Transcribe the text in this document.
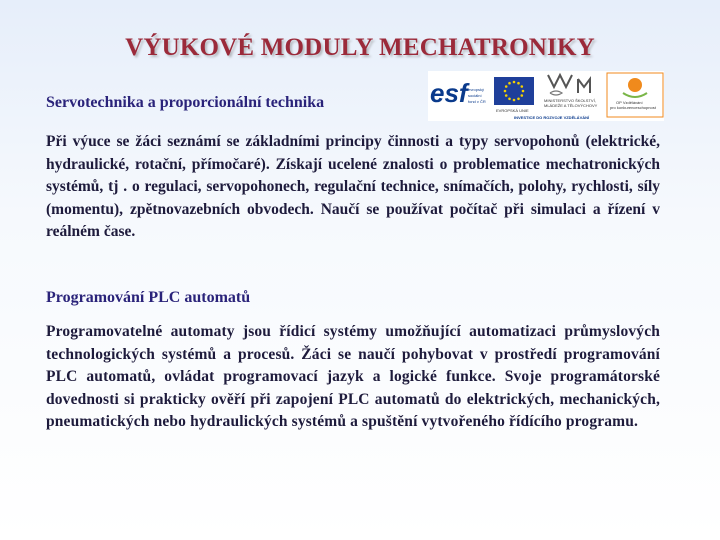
VÝUKOVÉ MODULY MECHATRONIKY
Servotechnika a proporcionální technika	esf evropský
sociální
fond v ČR
EVROPSKÁ UNIE
MINISTERSTVO ŠKOLSTVÍ,
MLÁDEŽE A TĚLOVÝCHOVY
OP Vzdělávání
pro konkurenceschopnost
INVESTICE DO ROZVOJE VZDĚLÁVÁNÍ

Při výuce se žáci seznámí se základními principy činnosti a typy servopohonů (elektrické, hydraulické, rotační, přímočaré). Získají ucelené znalosti o problematice mechatronických systémů, tj . o regulaci, servopohonech, regulační technice, snímačích, polohy, rychlosti, síly (momentu), zpětnovazebních obvodech. Naučí se používat počítač při simulaci a řízení v reálném čase.

Programování PLC automatů

Programovatelné automaty jsou řídicí systémy umožňující automatizaci průmyslových technologických systémů a procesů. Žáci se naučí pohybovat v prostředí programování PLC automatů, ovládat programovací jazyk a logické funkce. Svoje programátorské dovednosti si prakticky ověří při zapojení PLC automatů do elektrických, mechanických, pneumatických nebo hydraulických systémů a spuštění vytvořeného řídícího programu.
